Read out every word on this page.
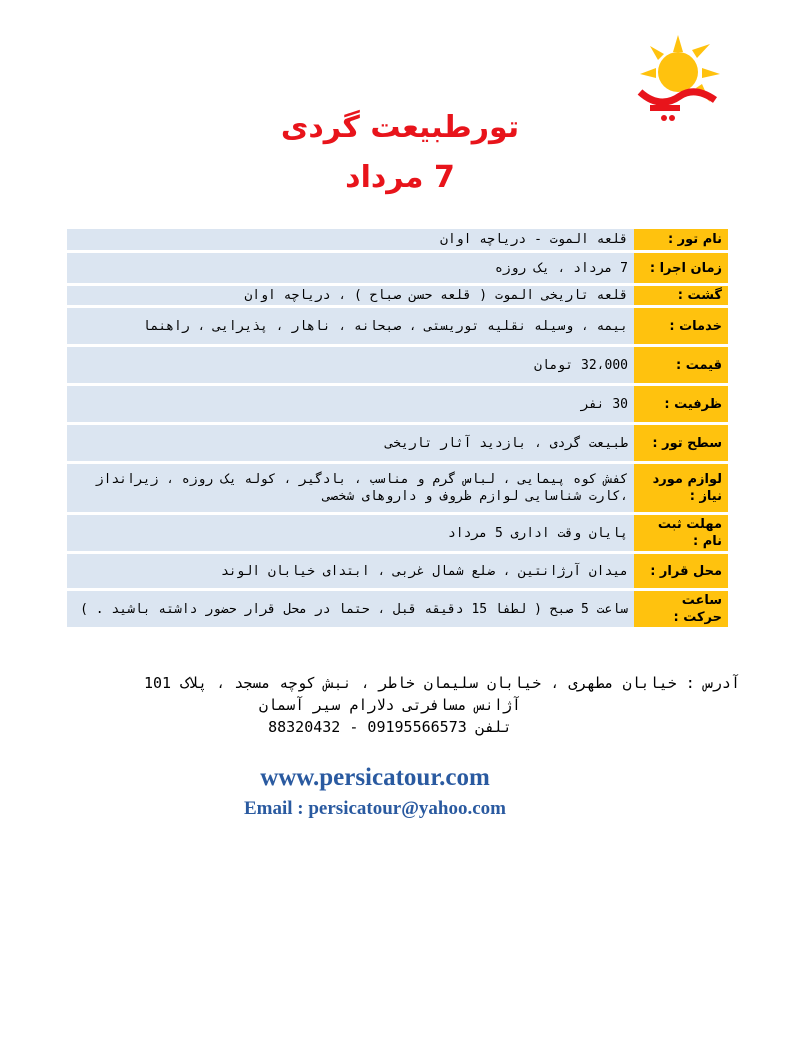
تورطبیعت گردی
7 مرداد
نام تور :	قلعه الموت - دریاچه اوان
زمان اجرا :	7 مرداد ، یک روزه
گشت :	قلعه تاریخی الموت ( قلعه حسن صباح ) ، دریاچه اوان
خدمات :	بیمه ، وسیله نقلیه توریستی ، صبحانه ، ناهار ، پذیرایی ، راهنما
قیمت :	32،000 تومان
ظرفیت :	30 نفر
سطح تور :	طبیعت گردی ، بازدید آثار تاریخی
لوازم مورد نیاز :	کفش کوه پیمایی ، لباس گرم و مناسب ، بادگیر ، کوله یک روزه ، زیرانداز ،کارت شناسایی لوازم ظروف و داروهای شخصی
مهلت ثبت نام :	پایان وقت اداری 5 مرداد
محل قرار :	میدان آرژانتین ، ضلع شمال غربی ، ابتدای خیابان الوند
ساعت حرکت :	ساعت 5 صبح ( لطفا 15 دقیقه قبل ، حتما در محل قرار حضور داشته باشید . )
آدرس : خیابان مطهری ، خیابان سلیمان خاطر ، نبش کوچه مسجد ، پلاک 101
آژانس مسافرتی دلارام سیر آسمان
تلفن 09195566573 - 88320432
www.persicatour.com
Email : persicatour@yahoo.com
